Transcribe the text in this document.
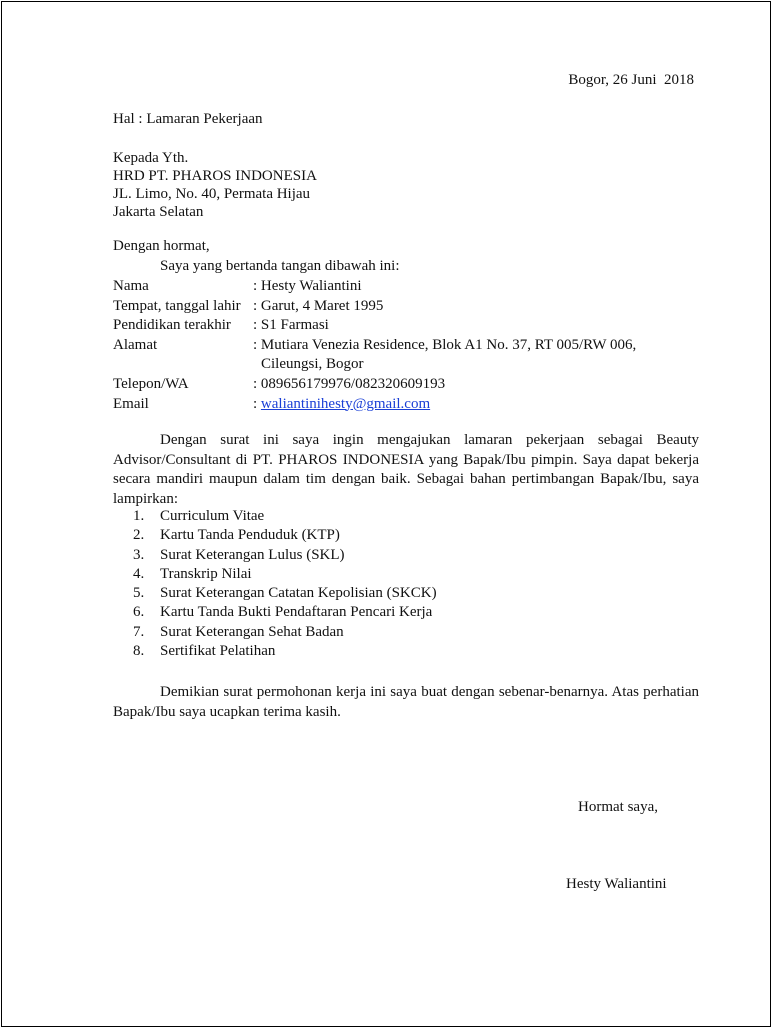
Bogor, 26 Juni  2018
Hal : Lamaran Pekerjaan
Kepada Yth.
HRD PT. PHAROS INDONESIA
JL. Limo, No. 40, Permata Hijau
Jakarta Selatan
Dengan hormat,
Saya yang bertanda tangan dibawah ini:
Nama	: Hesty Waliantini
Tempat, tanggal lahir : Garut, 4 Maret 1995
Pendidikan terakhir	: S1 Farmasi
Alamat	: Mutiara Venezia Residence, Blok A1 No. 37, RT 005/RW 006,
Cileungsi, Bogor
Telepon/WA	: 089656179976/082320609193
Email	: waliantinihesty@gmail.com
Dengan surat ini saya ingin mengajukan lamaran pekerjaan sebagai Beauty Advisor/Consultant di PT. PHAROS INDONESIA yang Bapak/Ibu pimpin. Saya dapat bekerja secara mandiri maupun dalam tim dengan baik. Sebagai bahan pertimbangan Bapak/Ibu, saya lampirkan:
1.	Curriculum Vitae
2.	Kartu Tanda Penduduk (KTP)
3.	Surat Keterangan Lulus (SKL)
4.	Transkrip Nilai
5.	Surat Keterangan Catatan Kepolisian (SKCK)
6.	Kartu Tanda Bukti Pendaftaran Pencari Kerja
7.	Surat Keterangan Sehat Badan
8.	Sertifikat Pelatihan
Demikian surat permohonan kerja ini saya buat dengan sebenar-benarnya. Atas perhatian Bapak/Ibu saya ucapkan terima kasih.
Hormat saya,
Hesty Waliantini
